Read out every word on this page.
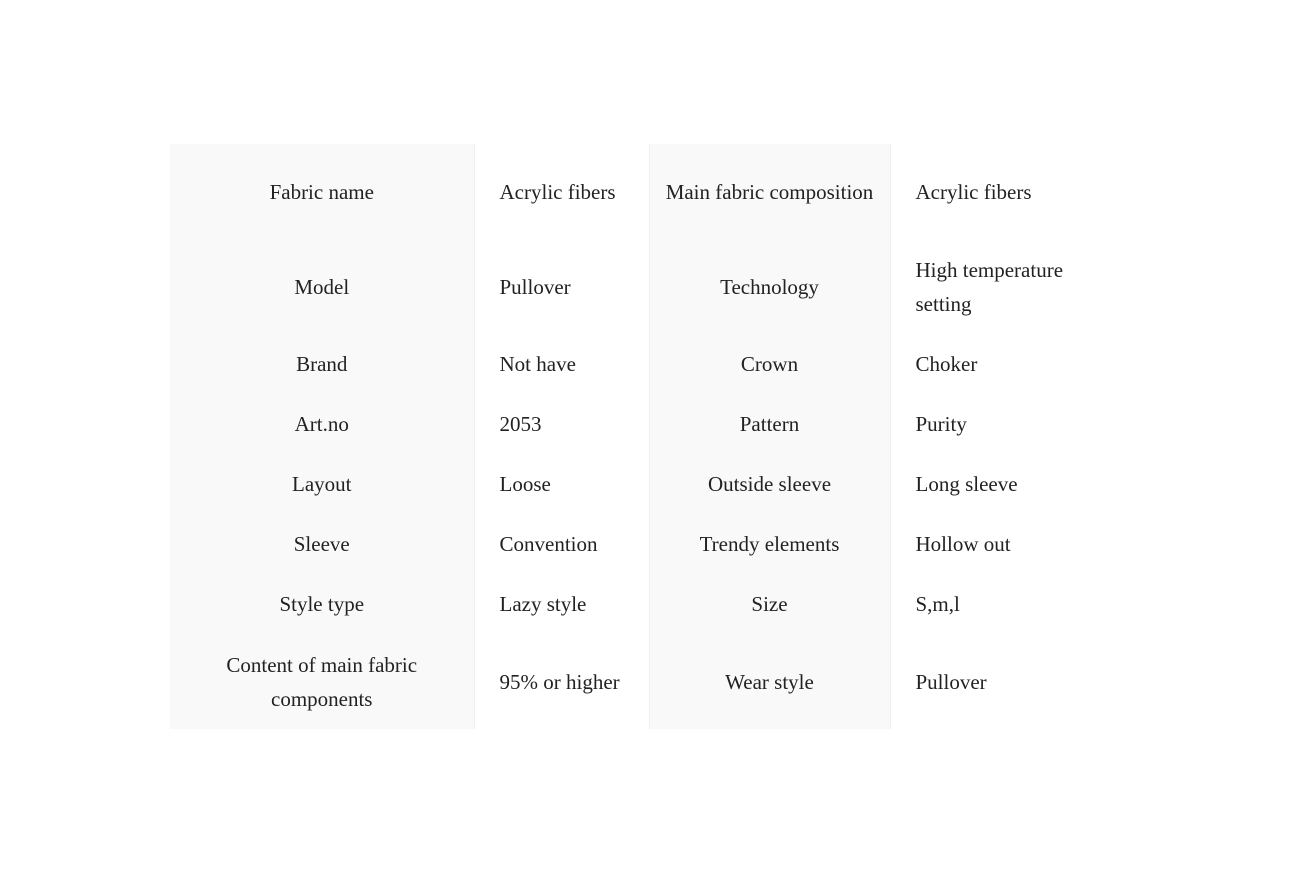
Fabric name	Acrylic fibers	Main fabric composition	Acrylic fibers
Model	Pullover	Technology	High temperature setting
Brand	Not have	Crown	Choker
Art.no	2053	Pattern	Purity
Layout	Loose	Outside sleeve	Long sleeve
Sleeve	Convention	Trendy elements	Hollow out
Style type	Lazy style	Size	S,m,l
Content of main fabric components	95% or higher	Wear style	Pullover
